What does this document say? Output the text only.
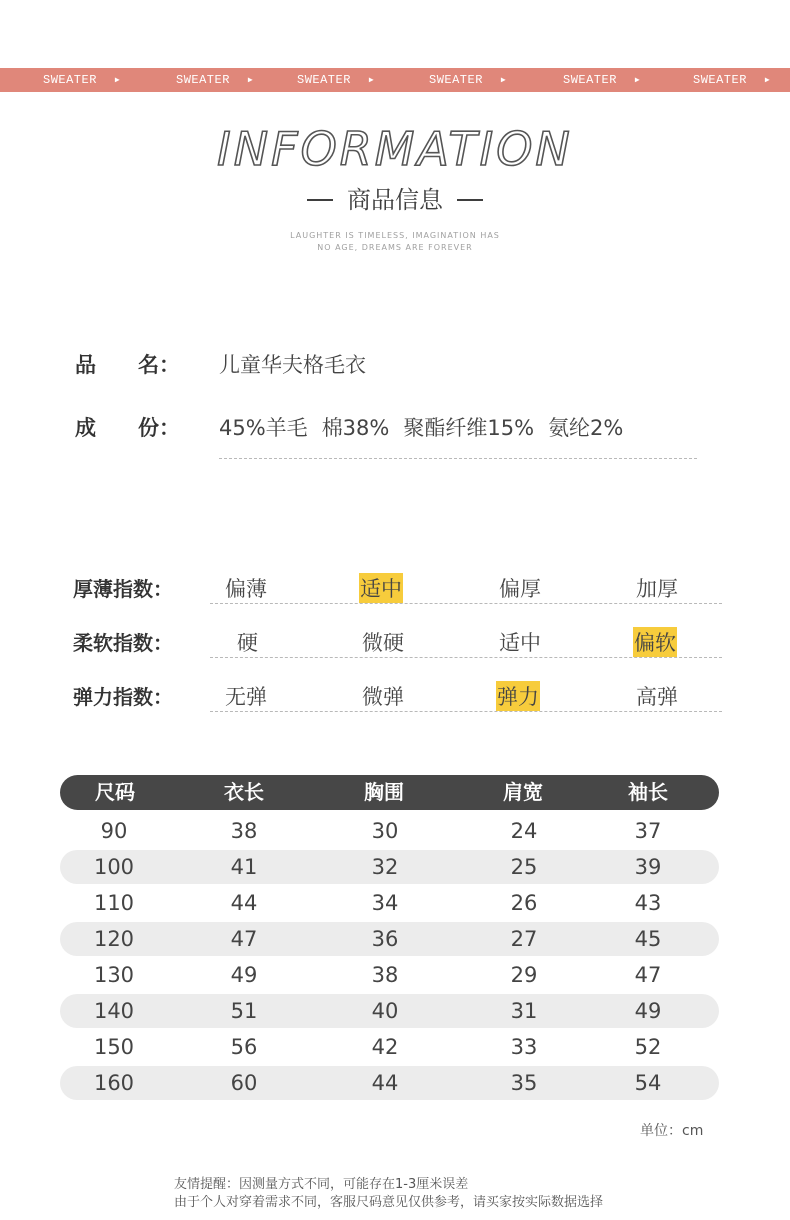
SWEATER ▶	SWEATER ▶	SWEATER ▶	SWEATER ▶	SWEATER ▶	SWEATER ▶
INFORMATION
商品信息
LAUGHTER IS TIMELESS, IMAGINATION HAS
NO AGE, DREAMS ARE FOREVER
品　　名： 儿童华夫格毛衣
成　　份： 45%羊毛 棉38% 聚酯纤维15% 氨纶2%
厚薄指数： 偏薄	适中	偏厚	加厚
柔软指数：	硬	微硬	适中	偏软
弹力指数： 无弹	微弹	弹力	高弹
尺码	衣长	胸围	肩宽	袖长
90	38	30	24	37
100	41	32	25	39
110	44	34	26	43
120	47	36	27	45
130	49	38	29	47
140	51	40	31	49
150	56	42	33	52
160	60	44	35	54
单位：cm
友情提醒：因测量方式不同，可能存在1-3厘米误差
由于个人对穿着需求不同，客服尺码意见仅供参考，请买家按实际数据选择
